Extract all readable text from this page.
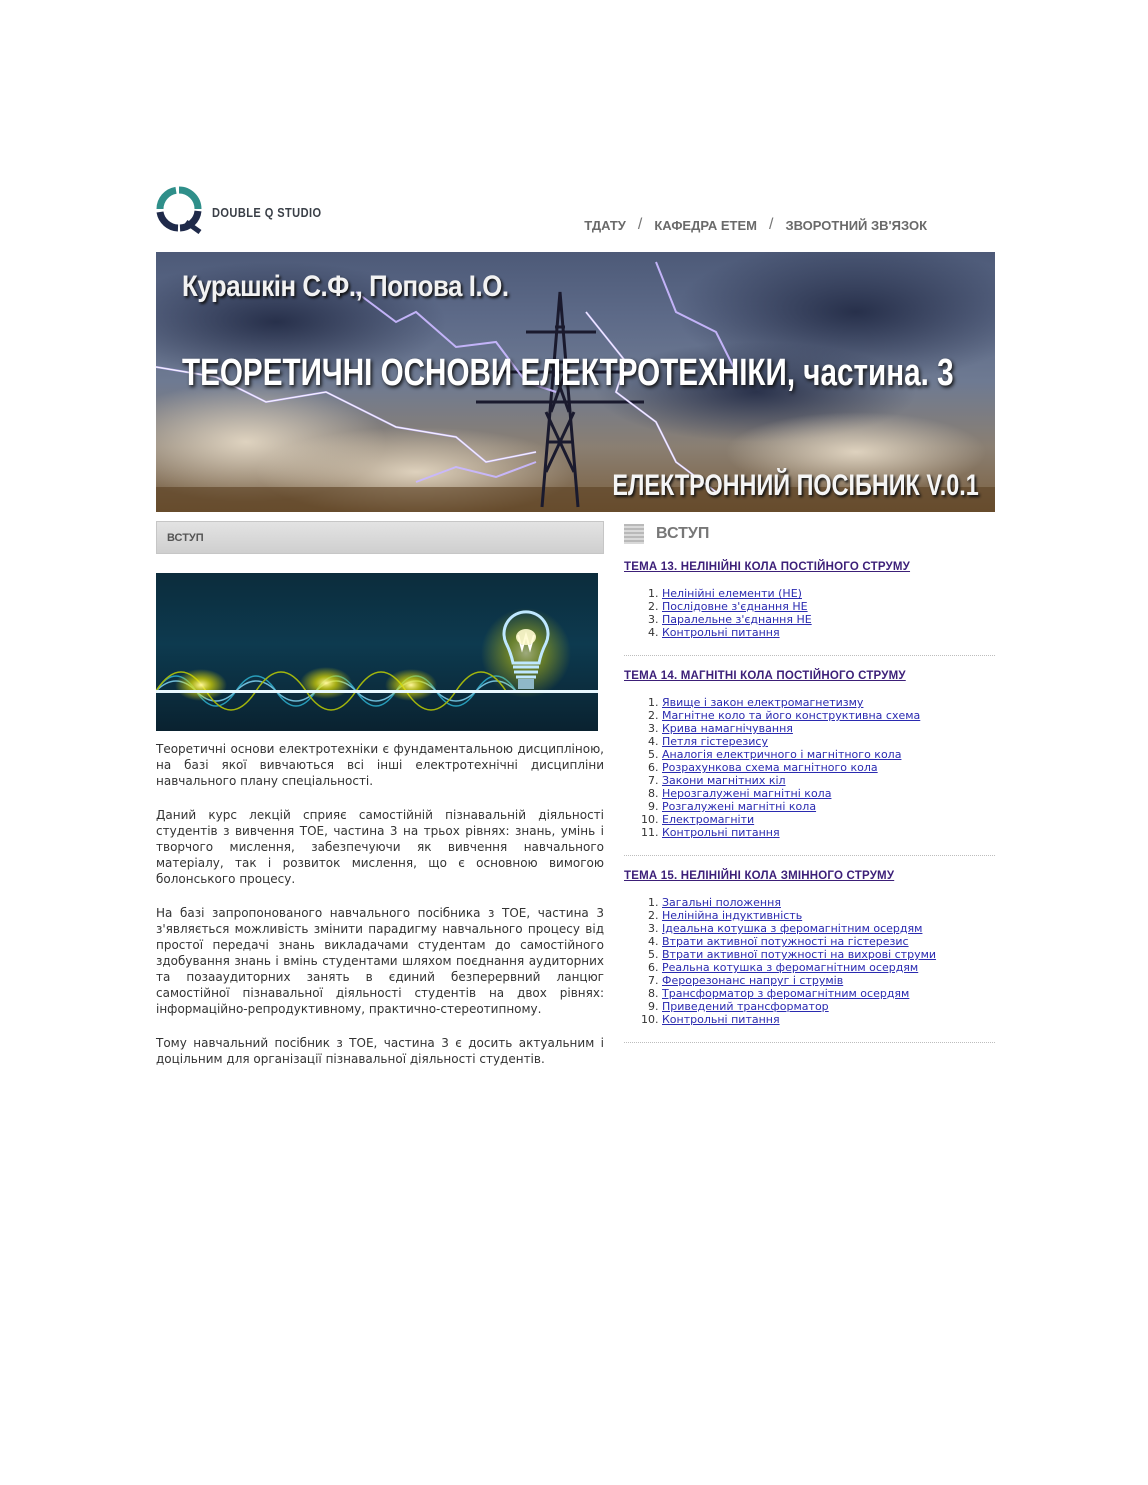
DOUBLE Q STUDIO
ТДАТУ / КАФЕДРА ЕТЕМ / ЗВОРОТНИЙ ЗВ'ЯЗОК
Курашкін С.Ф., Попова І.О.
ТЕОРЕТИЧНІ ОСНОВИ ЕЛЕКТРОТЕХНІКИ, частина. 3
ЕЛЕКТРОННИЙ ПОСІБНИК V.0.1
ВСТУП

Теоретичні основи електротехніки є фундаментальною дисципліною, на базі якої вивчаються всі інші електротехнічні дисципліни навчального плану спеціальності.

Даний курс лекцій сприяє самостійній пізнавальній діяльності студентів з вивчення ТОЕ, частина 3 на трьох рівнях: знань, умінь і творчого мислення, забезпечуючи як вивчення навчального матеріалу, так і розвиток мислення, що є основною вимогою болонського процесу.

На базі запропонованого навчального посібника з ТОЕ, частина 3 з'являється можливість змінити парадигму навчального процесу від простої передачі знань викладачами студентам до самостійного здобування знань і вмінь студентами шляхом поєднання аудиторних та позааудиторних занять в єдиний безперервний ланцюг самостійної пізнавальної діяльності студентів на двох рівнях: інформаційно-репродуктивному, практично-стереотипному.

Тому навчальний посібник з ТОЕ, частина 3 є досить актуальним і доцільним для організації пізнавальної діяльності студентів.

ВСТУП
ТЕМА 13. НЕЛІНІЙНІ КОЛА ПОСТІЙНОГО СТРУМУ
1. Нелінійні елементи (НЕ)
2. Послідовне з'єднання НЕ
3. Паралельне з'єднання НЕ
4. Контрольні питання
ТЕМА 14. МАГНІТНІ КОЛА ПОСТІЙНОГО СТРУМУ
1. Явище і закон електромагнетизму
2. Магнітне коло та його конструктивна схема
3. Крива намагнічування
4. Петля гістерезису
5. Аналогія електричного і магнітного кола
6. Розрахункова схема магнітного кола
7. Закони магнітних кіл
8. Нерозгалужені магнітні кола
9. Розгалужені магнітні кола
10. Електромагніти
11. Контрольні питання
ТЕМА 15. НЕЛІНІЙНІ КОЛА ЗМІННОГО СТРУМУ
1. Загальні положення
2. Нелінійна індуктивність
3. Ідеальна котушка з феромагнітним осердям
4. Втрати активної потужності на гістерезис
5. Втрати активної потужності на вихрові струми
6. Реальна котушка з феромагнітним осердям
7. Ферорезонанс напруг і струмів
8. Трансформатор з феромагнітним осердям
9. Приведений трансформатор
10. Контрольні питання
